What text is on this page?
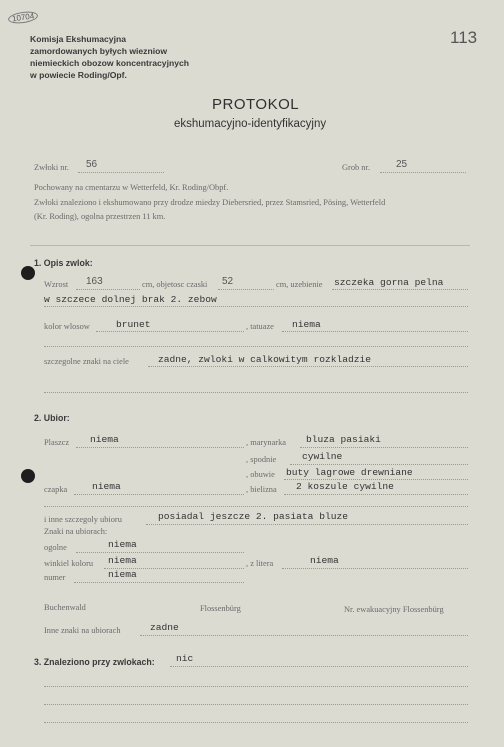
10704
113
Komisja Ekshumacyjna
zamordowanych byłych wiezniow
niemieckich obozow koncentracyjnych
w powiecie Roding/Opf.
PROTOKOL
ekshumacyjno-identyfikacyjny
Zwłoki nr. 56	Grob nr.	25
Pochowany na cmentarzu w Wetterfeld, Kr. Roding/Obpf.
Zwłoki znaleziono i ekshumowano przy drodze miedzy Diebersried, przez Stamsried, Pösing, Wetterfeld
(Kr. Roding), ogolna przestrzen 11 km.
1. Opis zwlok:
Wzrost 163	cm, objetosc czaski 52	cm, uzebienie szczeka gorna pelna
w szczece dolnej brak 2. zebow
kolor wlosow	brunet	, tatuaze niema
szczegolne znaki na ciele	zadne, zwloki w calkowitym rozkladzie
2. Ubior:
Plaszcz niema	, marynarka bluza pasiaki
, spodnie	cywilne
, obuwie buty lagrowe drewniane
czapka	niema	, bielizna 2 koszule cywilne
i inne szczegoly ubioru	posiadal jeszcze 2. pasiata bluze
Znaki na ubiorach:
ogolne	niema
winkiel koloru niema	, z litera	niema
numer	niema
Buchenwald	Flossenbürg	Nr. ewakuacyjny Flossenbürg
Inne znaki na ubiorach	zadne
3. Znaleziono przy zwlokach: nic
